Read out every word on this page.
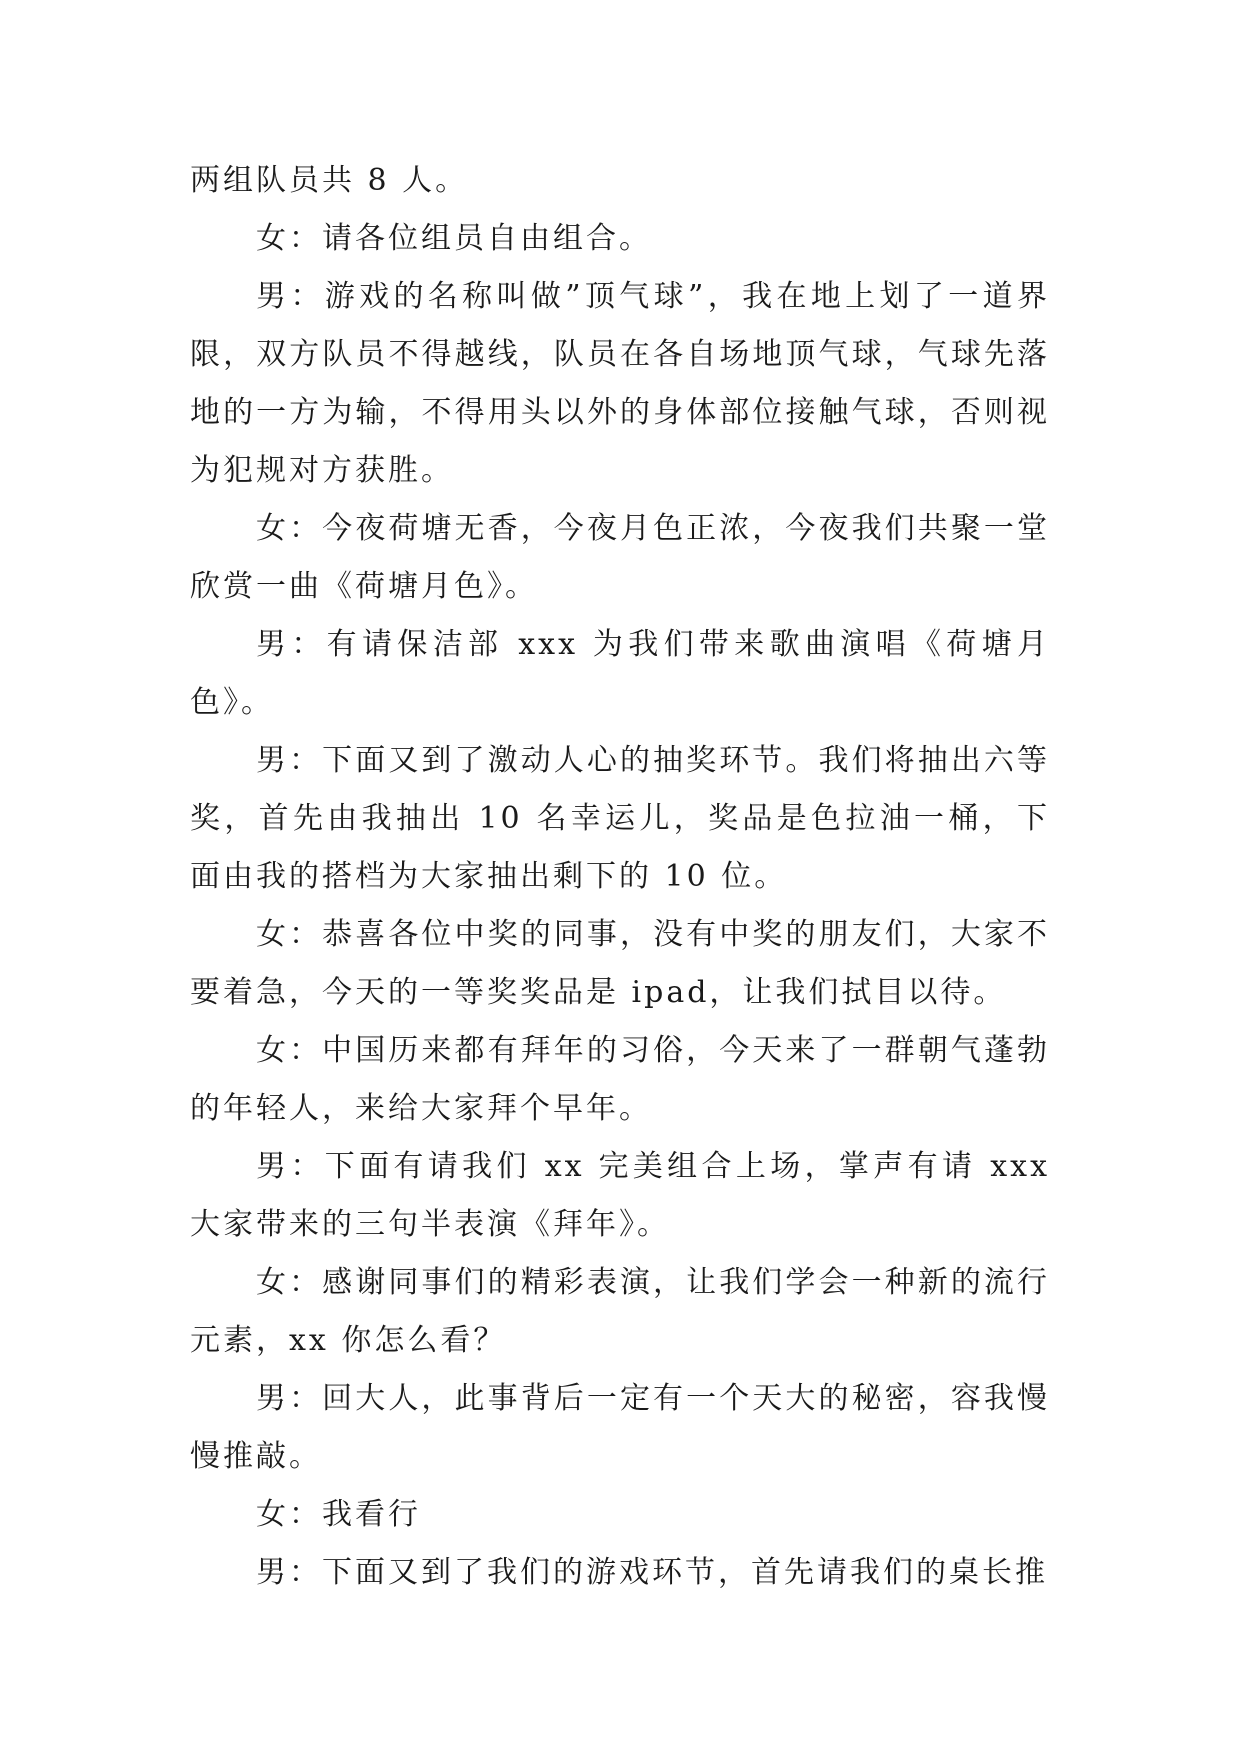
两组队员共 8 人。

女：请各位组员自由组合。

男：游戏的名称叫做”顶气球”，我在地上划了一道界限，双方队员不得越线，队员在各自场地顶气球，气球先落地的一方为输，不得用头以外的身体部位接触气球，否则视为犯规对方获胜。

女：今夜荷塘无香，今夜月色正浓，今夜我们共聚一堂欣赏一曲《荷塘月色》。

男：有请保洁部 xxx 为我们带来歌曲演唱《荷塘月色》。

男：下面又到了激动人心的抽奖环节。我们将抽出六等奖，首先由我抽出 10 名幸运儿，奖品是色拉油一桶，下面由我的搭档为大家抽出剩下的 10 位。

女：恭喜各位中奖的同事，没有中奖的朋友们，大家不要着急，今天的一等奖奖品是 ipad，让我们拭目以待。

女：中国历来都有拜年的习俗，今天来了一群朝气蓬勃的年轻人，来给大家拜个早年。

男：下面有请我们 xx 完美组合上场，掌声有请 xxx 大家带来的三句半表演《拜年》。

女：感谢同事们的精彩表演，让我们学会一种新的流行元素，xx 你怎么看？

男：回大人，此事背后一定有一个天大的秘密，容我慢慢推敲。

女：我看行

男：下面又到了我们的游戏环节，首先请我们的桌长推
